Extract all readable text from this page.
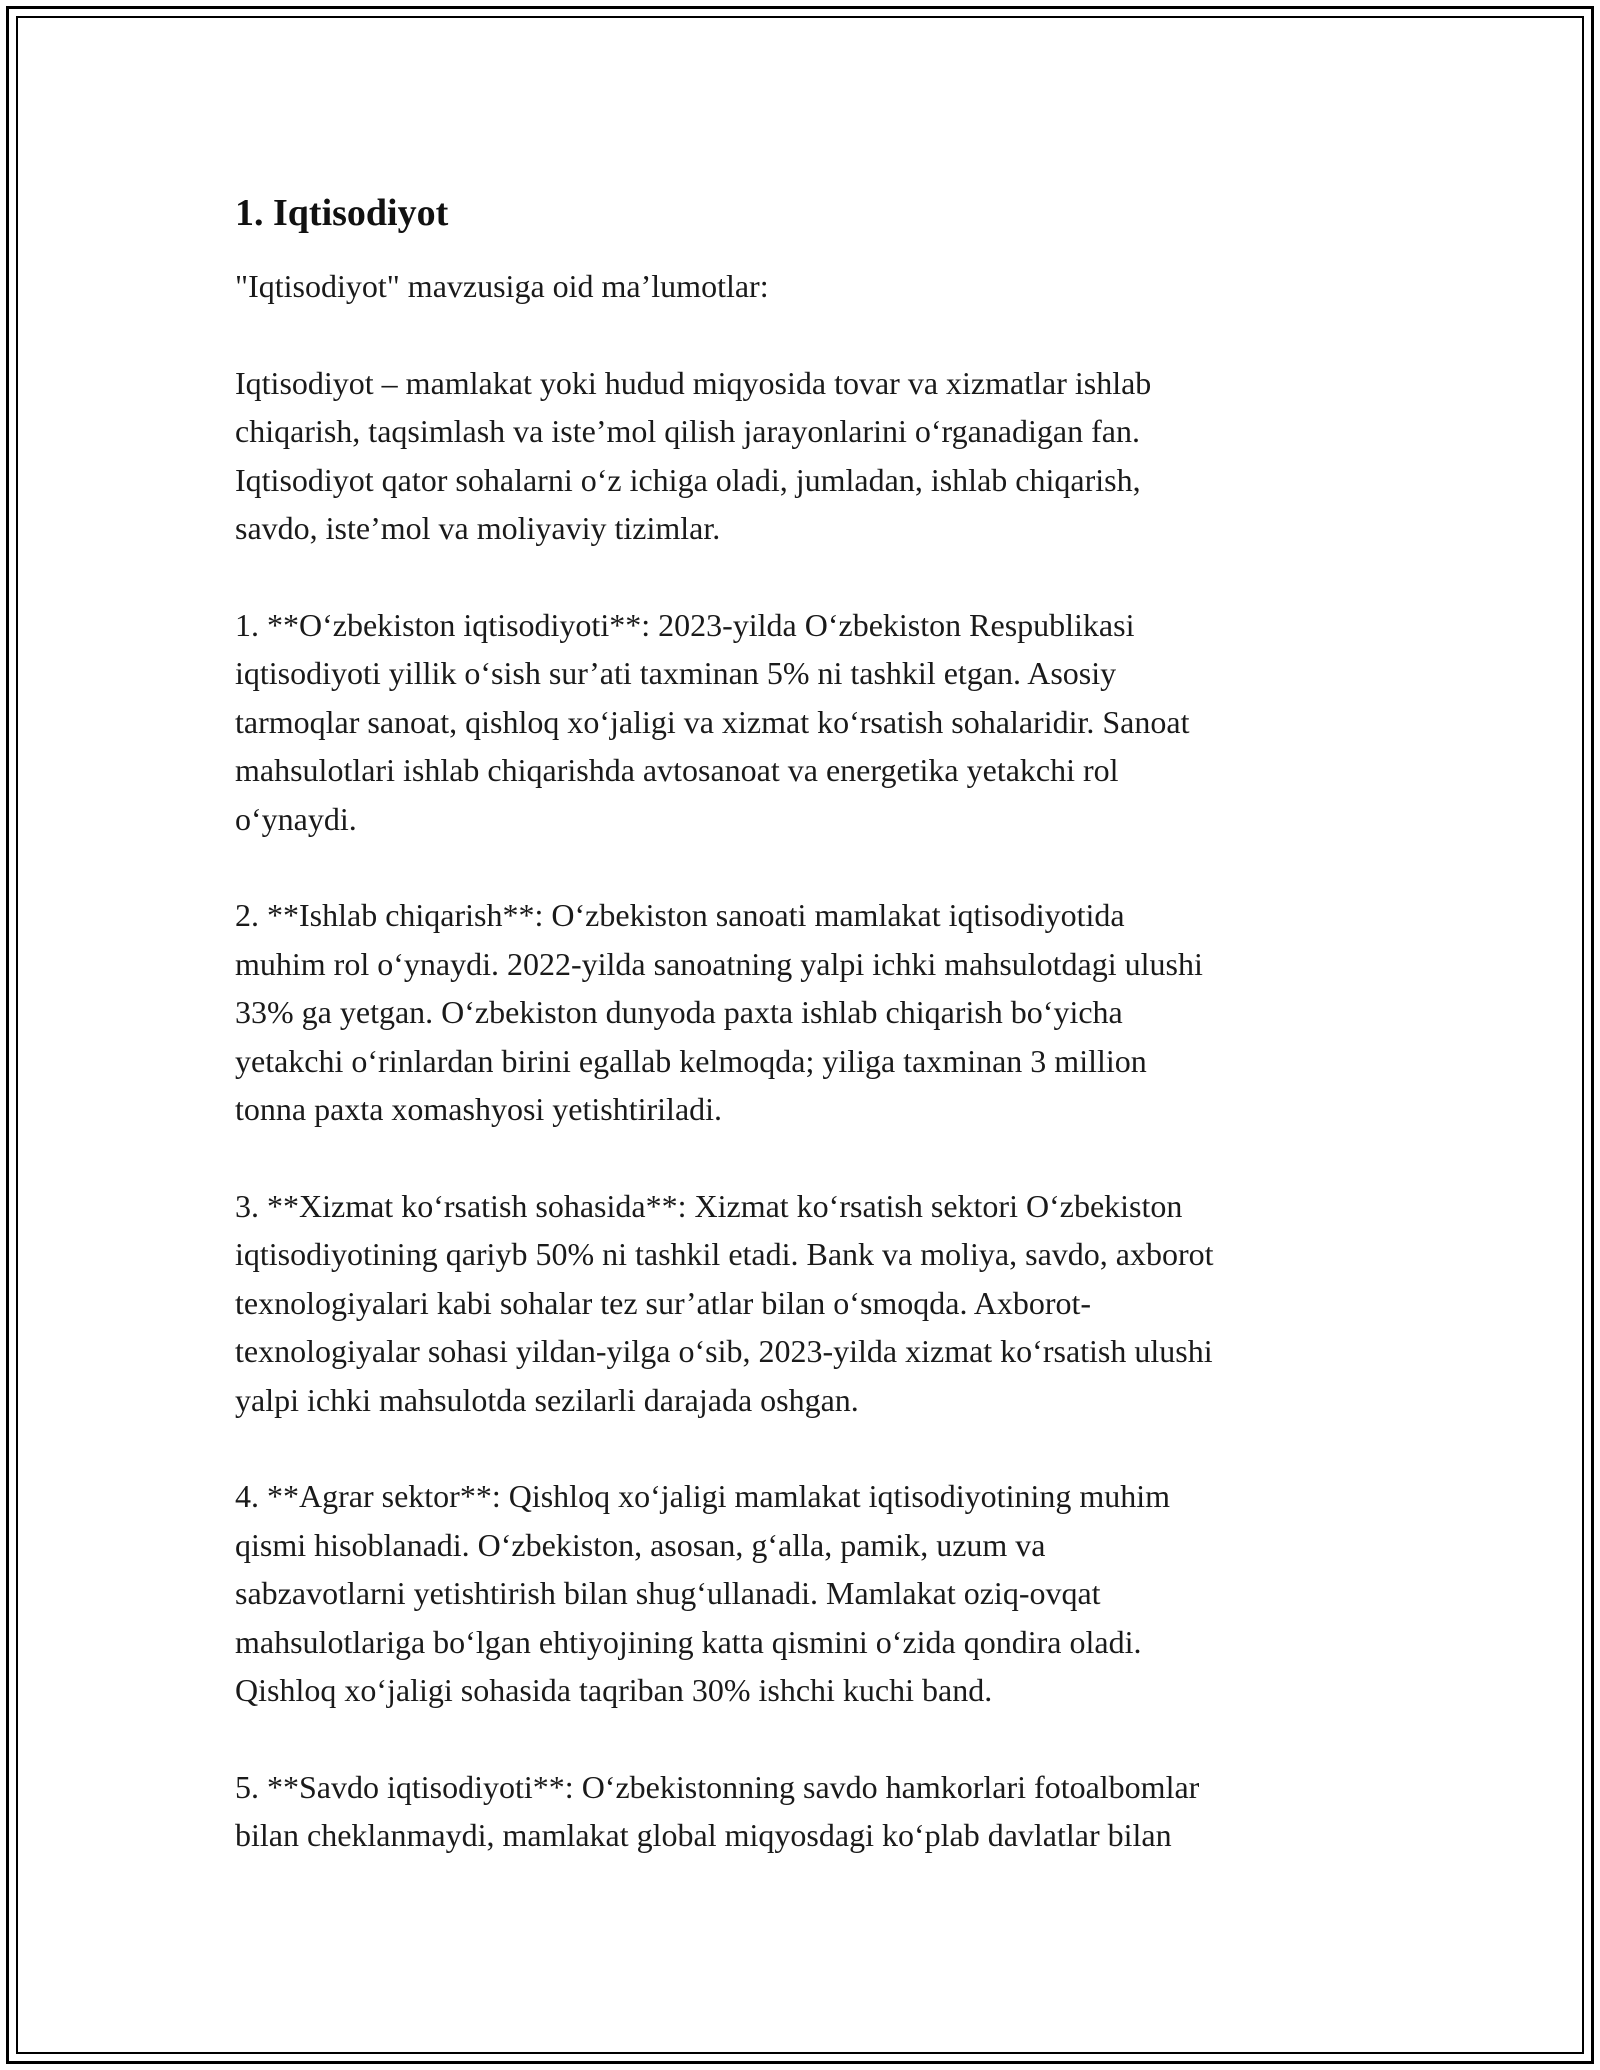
1. Iqtisodiyot

"Iqtisodiyot" mavzusiga oid ma’lumotlar:

Iqtisodiyot – mamlakat yoki hudud miqyosida tovar va xizmatlar ishlab
chiqarish, taqsimlash va iste’mol qilish jarayonlarini o‘rganadigan fan.
Iqtisodiyot qator sohalarni o‘z ichiga oladi, jumladan, ishlab chiqarish,
savdo, iste’mol va moliyaviy tizimlar.

1. **O‘zbekiston iqtisodiyoti**: 2023-yilda O‘zbekiston Respublikasi
iqtisodiyoti yillik o‘sish sur’ati taxminan 5% ni tashkil etgan. Asosiy
tarmoqlar sanoat, qishloq xo‘jaligi va xizmat ko‘rsatish sohalaridir. Sanoat
mahsulotlari ishlab chiqarishda avtosanoat va energetika yetakchi rol
o‘ynaydi.

2. **Ishlab chiqarish**: O‘zbekiston sanoati mamlakat iqtisodiyotida
muhim rol o‘ynaydi. 2022-yilda sanoatning yalpi ichki mahsulotdagi ulushi
33% ga yetgan. O‘zbekiston dunyoda paxta ishlab chiqarish bo‘yicha
yetakchi o‘rinlardan birini egallab kelmoqda; yiliga taxminan 3 million
tonna paxta xomashyosi yetishtiriladi.

3. **Xizmat ko‘rsatish sohasida**: Xizmat ko‘rsatish sektori O‘zbekiston
iqtisodiyotining qariyb 50% ni tashkil etadi. Bank va moliya, savdo, axborot
texnologiyalari kabi sohalar tez sur’atlar bilan o‘smoqda. Axborot-
texnologiyalar sohasi yildan-yilga o‘sib, 2023-yilda xizmat ko‘rsatish ulushi
yalpi ichki mahsulotda sezilarli darajada oshgan.

4. **Agrar sektor**: Qishloq xo‘jaligi mamlakat iqtisodiyotining muhim
qismi hisoblanadi. O‘zbekiston, asosan, g‘alla, pamik, uzum va
sabzavotlarni yetishtirish bilan shug‘ullanadi. Mamlakat oziq-ovqat
mahsulotlariga bo‘lgan ehtiyojining katta qismini o‘zida qondira oladi.
Qishloq xo‘jaligi sohasida taqriban 30% ishchi kuchi band.

5. **Savdo iqtisodiyoti**: O‘zbekistonning savdo hamkorlari fotoalbomlar
bilan cheklanmaydi, mamlakat global miqyosdagi ko‘plab davlatlar bilan
